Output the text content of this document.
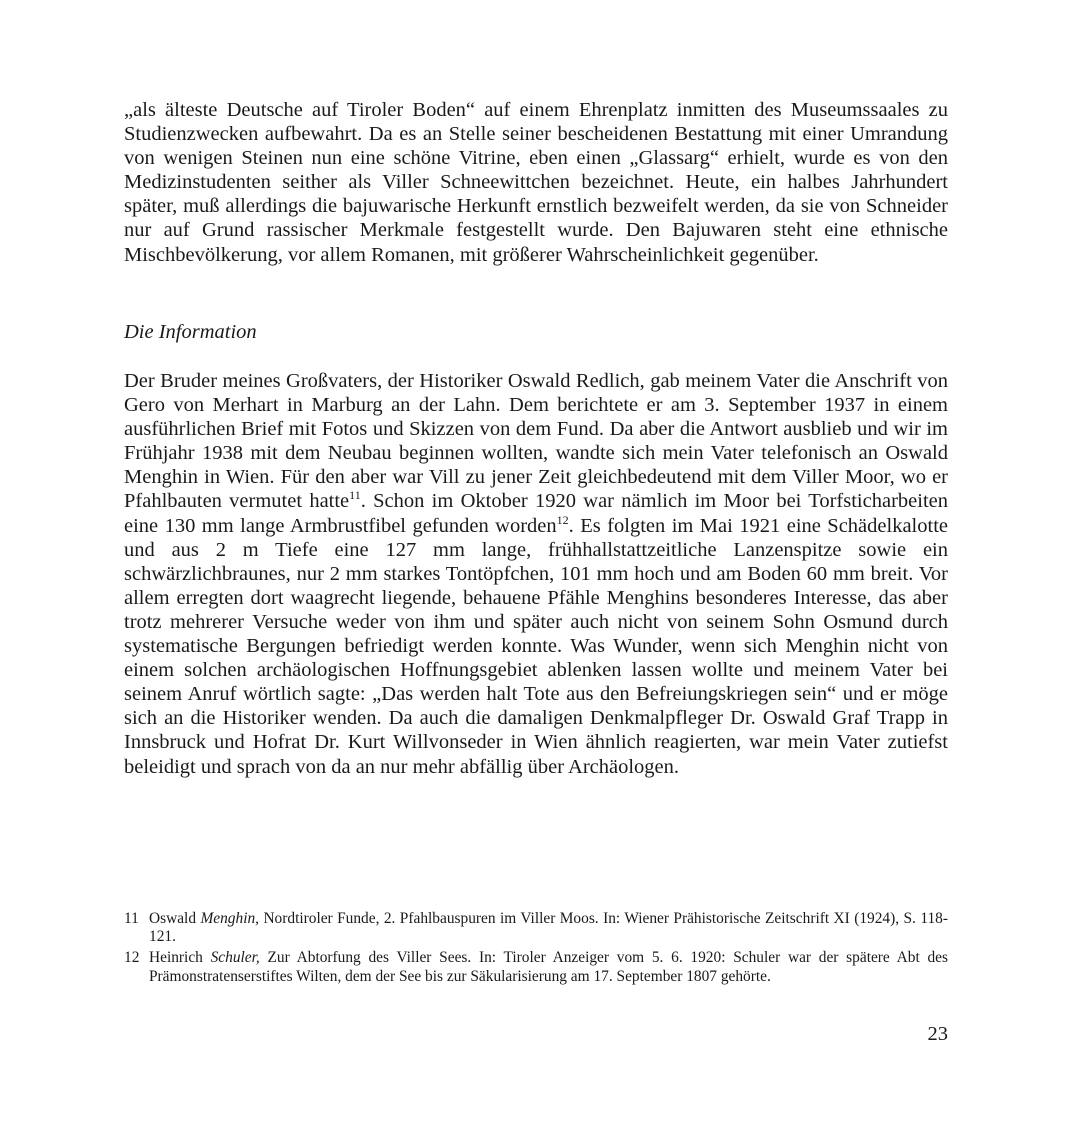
„als älteste Deutsche auf Tiroler Boden“ auf einem Ehrenplatz inmitten des Museumssaales zu Studienzwecken aufbewahrt. Da es an Stelle seiner bescheidenen Bestattung mit einer Umrandung von wenigen Steinen nun eine schöne Vitrine, eben einen „Glassarg“ erhielt, wurde es von den Medizinstudenten seither als Viller Schneewittchen bezeichnet. Heute, ein halbes Jahrhundert später, muß allerdings die bajuwarische Herkunft ernstlich bezweifelt werden, da sie von Schneider nur auf Grund rassischer Merkmale festgestellt wurde. Den Bajuwaren steht eine ethnische Mischbevölkerung, vor allem Romanen, mit größerer Wahrscheinlichkeit gegenüber.

Die Information

Der Bruder meines Großvaters, der Historiker Oswald Redlich, gab meinem Vater die Anschrift von Gero von Merhart in Marburg an der Lahn. Dem berichtete er am 3. September 1937 in einem ausführlichen Brief mit Fotos und Skizzen von dem Fund. Da aber die Antwort ausblieb und wir im Frühjahr 1938 mit dem Neubau beginnen wollten, wandte sich mein Vater telefonisch an Oswald Menghin in Wien. Für den aber war Vill zu jener Zeit gleichbedeutend mit dem Viller Moor, wo er Pfahlbauten vermutet hatte$^{11}$. Schon im Oktober 1920 war nämlich im Moor bei Torfsticharbeiten eine 130 mm lange Armbrustfibel gefunden worden$^{12}$. Es folgten im Mai 1921 eine Schädelkalotte und aus 2 m Tiefe eine 127 mm lange, frühhallstattzeitliche Lanzenspitze sowie ein schwärzlichbraunes, nur 2 mm starkes Tontöpfchen, 101 mm hoch und am Boden 60 mm breit. Vor allem erregten dort waagrecht liegende, behauene Pfähle Menghins besonderes Interesse, das aber trotz mehrerer Versuche weder von ihm und später auch nicht von seinem Sohn Osmund durch systematische Bergungen befriedigt werden konnte. Was Wunder, wenn sich Menghin nicht von einem solchen archäologischen Hoffnungsgebiet ablenken lassen wollte und meinem Vater bei seinem Anruf wörtlich sagte: „Das werden halt Tote aus den Befreiungskriegen sein“ und er möge sich an die Historiker wenden. Da auch die damaligen Denkmalpfleger Dr. Oswald Graf Trapp in Innsbruck und Hofrat Dr. Kurt Willvonseder in Wien ähnlich reagierten, war mein Vater zutiefst beleidigt und sprach von da an nur mehr abfällig über Archäologen.

11 Oswald Menghin, Nordtiroler Funde, 2. Pfahlbauspuren im Viller Moos. In: Wiener Prähistorische Zeitschrift XI (1924), S. 118-121.
12 Heinrich Schuler, Zur Abtorfung des Viller Sees. In: Tiroler Anzeiger vom 5. 6. 1920: Schuler war der spätere Abt des Prämonstratenserstiftes Wilten, dem der See bis zur Säkularisierung am 17. September 1807 gehörte.
23
